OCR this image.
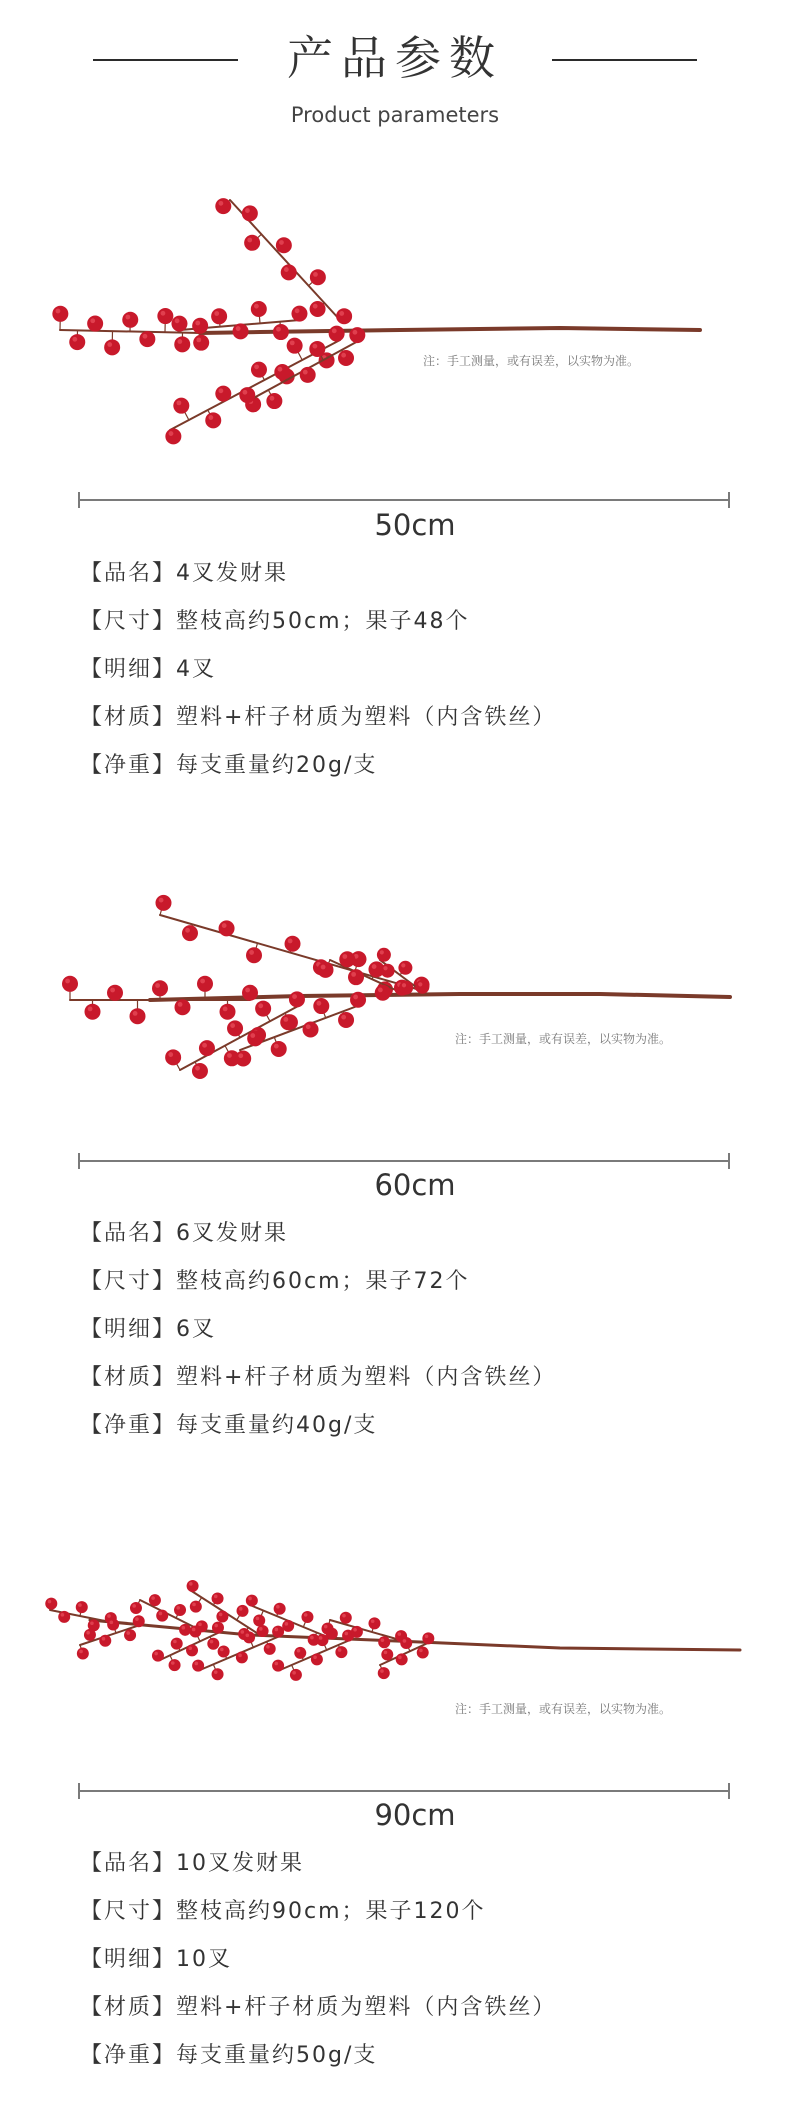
产品参数
Product parameters
注：手工测量，或有误差，以实物为准。
50cm
【品名】4叉发财果
【尺寸】整枝高约50cm；果子48个
【明细】4叉
【材质】塑料+杆子材质为塑料（内含铁丝）
【净重】每支重量约20g/支
注：手工测量，或有误差，以实物为准。
60cm
【品名】6叉发财果
【尺寸】整枝高约60cm；果子72个
【明细】6叉
【材质】塑料+杆子材质为塑料（内含铁丝）
【净重】每支重量约40g/支
注：手工测量，或有误差，以实物为准。
90cm
【品名】10叉发财果
【尺寸】整枝高约90cm；果子120个
【明细】10叉
【材质】塑料+杆子材质为塑料（内含铁丝）
【净重】每支重量约50g/支
